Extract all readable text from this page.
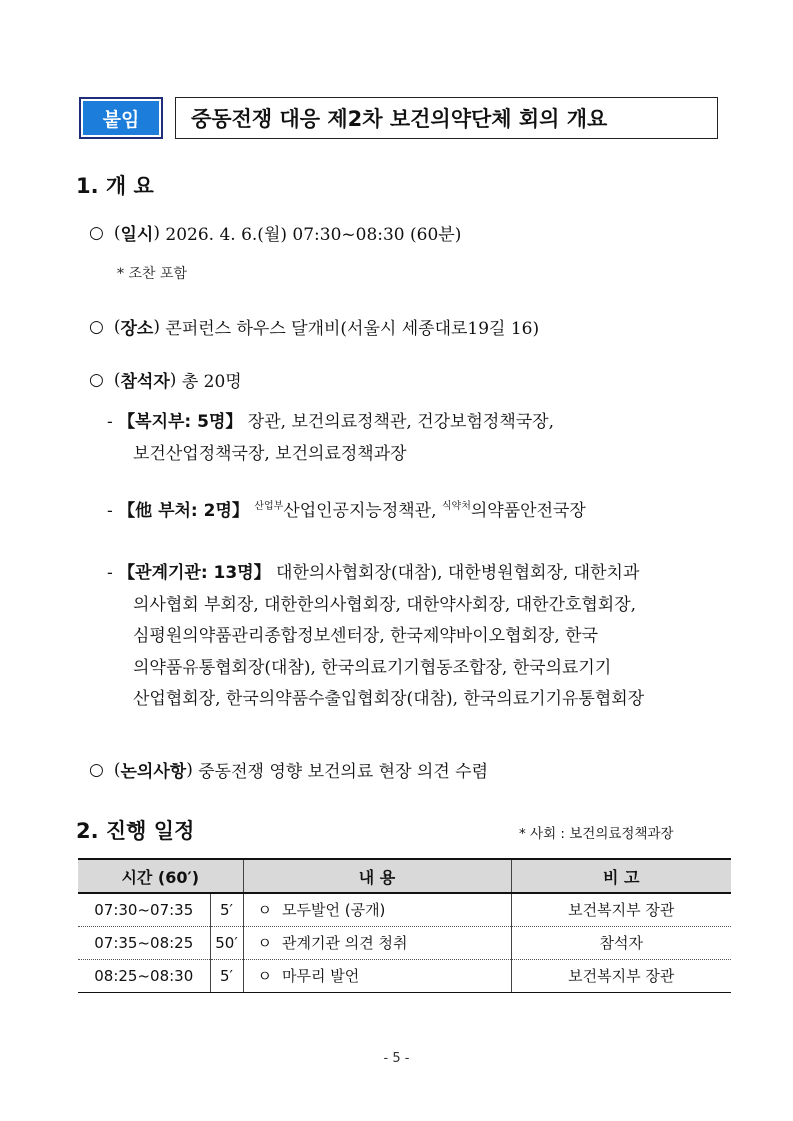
붙임	중동전쟁 대응 제2차 보건의약단체 회의 개요
1. 개 요
○ ( 일시 ) 2026. 4. 6.(월) 07:30~08:30 (60분)
* 조찬 포함
○ ( 장소 ) 콘퍼런스 하우스 달개비(서울시 세종대로19길 16)
○ ( 참석자 ) 총 20명
- 【복지부: 5명】 장관, 보건의료정책관, 건강보험정책국장,
보건산업정책국장, 보건의료정책과장
- 【他 부처: 2명】 $^{산업부}$산업인공지능정책관, $^{식약처}$의약품안전국장
- 【관계기관: 13명】 대한의사협회장(대참), 대한병원협회장, 대한치과
의사협회 부회장, 대한한의사협회장, 대한약사회장, 대한간호협회장,
심평원의약품관리종합정보센터장, 한국제약바이오협회장, 한국
의약품유통협회장(대참), 한국의료기기협동조합장, 한국의료기기
산업협회장, 한국의약품수출입협회장(대참), 한국의료기기유통협회장
○ ( 논의사항 ) 중동전쟁 영향 보건의료 현장 의견 수렴
2. 진행 일정	* 사회 : 보건의료정책과장
시간 (60′)		내 용	비 고
07:30~07:35	5′	ㅇ 모두발언 (공개)	보건복지부 장관
07:35~08:25	50′	ㅇ 관계기관 의견 청취	참석자
08:25~08:30	5′	ㅇ 마무리 발언	보건복지부 장관
- 5 -
